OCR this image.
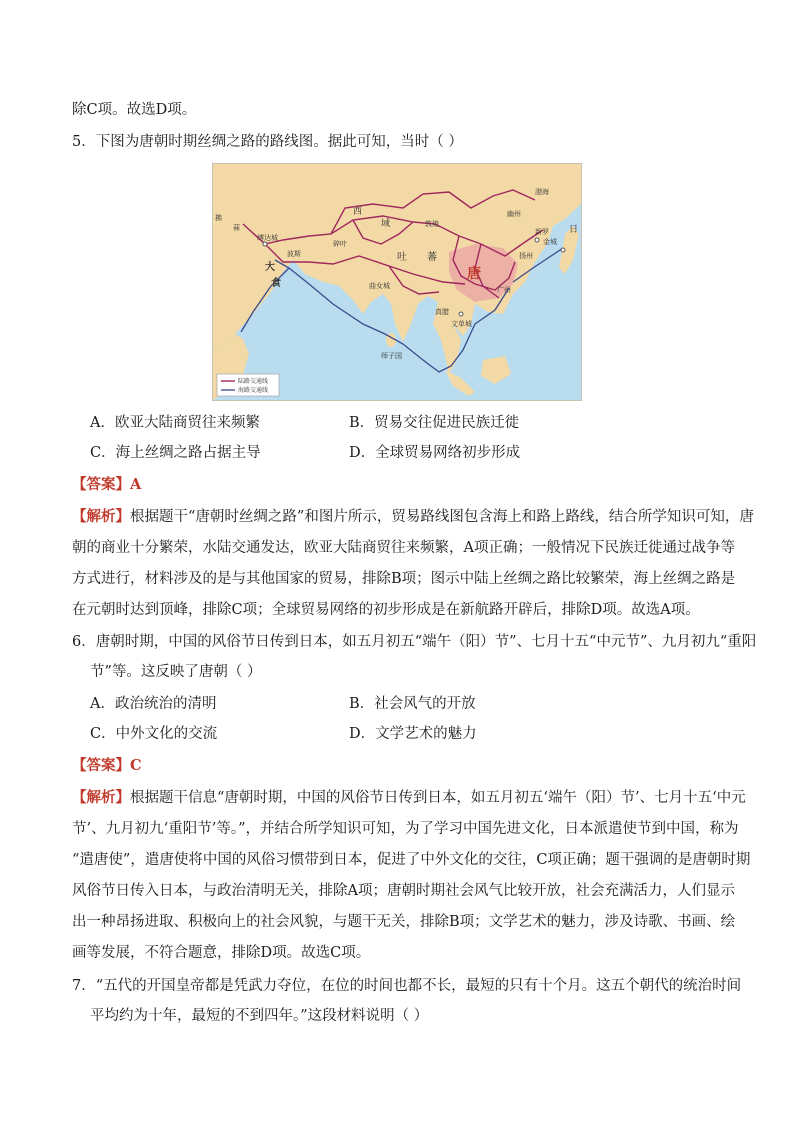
除C项。故选D项。
5．下图为唐朝时期丝绸之路的路线图。据此可知，当时（ ）
拂
菻
缚达城
波斯
大
食
碎叶
西
域	敦煌
吐 蕃
曲女城
唐
文单城
真腊
师子国
幽州
渤海
新罗
金城
日
扬州
广州
陆路交通线
海路交通线
A．欧亚大陆商贸往来频繁	B．贸易交往促进民族迁徙
C．海上丝绸之路占据主导	D．全球贸易网络初步形成
【答案】A
【解析】根据题干“唐朝时丝绸之路”和图片所示，贸易路线图包含海上和路上路线，结合所学知识可知，唐
朝的商业十分繁荣，水陆交通发达，欧亚大陆商贸往来频繁，A项正确；一般情况下民族迁徙通过战争等
方式进行，材料涉及的是与其他国家的贸易，排除B项；图示中陆上丝绸之路比较繁荣，海上丝绸之路是
在元朝时达到顶峰，排除C项；全球贸易网络的初步形成是在新航路开辟后，排除D项。故选A项。
6．唐朝时期，中国的风俗节日传到日本，如五月初五“端午（阳）节”、七月十五“中元节”、九月初九“重阳
节”等。这反映了唐朝（ ）
A．政治统治的清明	B．社会风气的开放
C．中外文化的交流	D．文学艺术的魅力
【答案】C
【解析】根据题干信息“唐朝时期，中国的风俗节日传到日本，如五月初五‘端午（阳）节’、七月十五‘中元
节’、九月初九‘重阳节’等。”，并结合所学知识可知，为了学习中国先进文化，日本派遣使节到中国，称为
“遣唐使”，遣唐使将中国的风俗习惯带到日本，促进了中外文化的交往，C项正确；题干强调的是唐朝时期
风俗节日传入日本，与政治清明无关，排除A项；唐朝时期社会风气比较开放，社会充满活力，人们显示
出一种昂扬进取、积极向上的社会风貌，与题干无关，排除B项；文学艺术的魅力，涉及诗歌、书画、绘
画等发展，不符合题意，排除D项。故选C项。
7．“五代的开国皇帝都是凭武力夺位，在位的时间也都不长，最短的只有十个月。这五个朝代的统治时间
平均约为十年，最短的不到四年。”这段材料说明（ ）
